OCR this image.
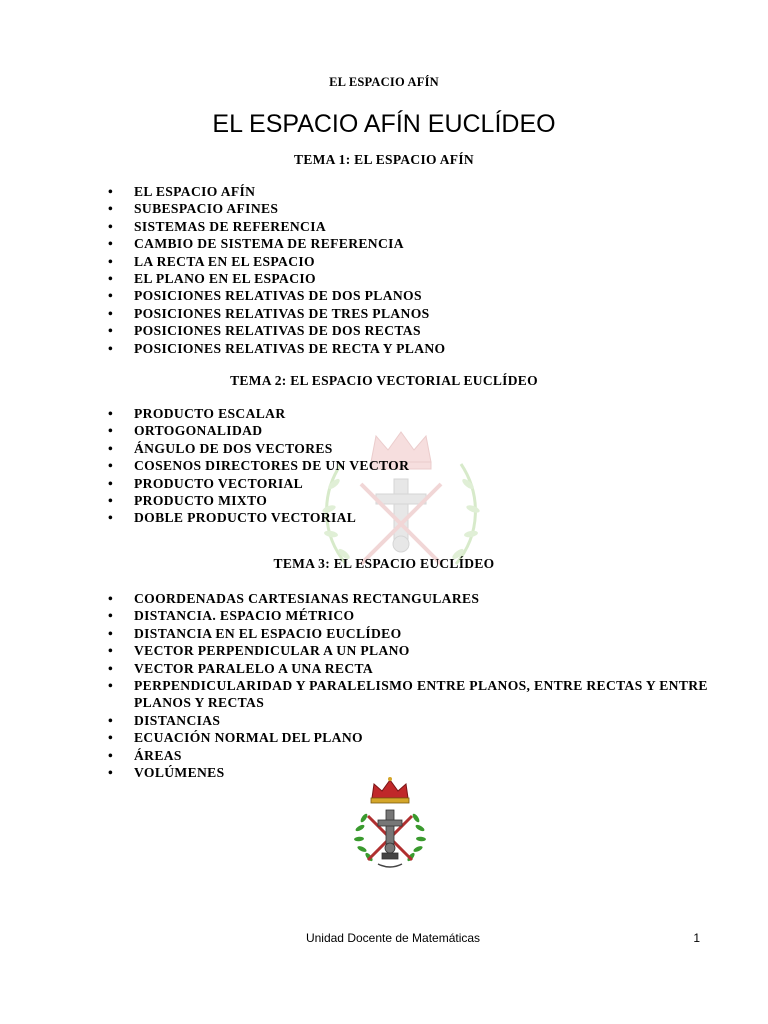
EL ESPACIO AFÍN
EL ESPACIO AFÍN EUCLÍDEO
TEMA 1: EL ESPACIO AFÍN
• EL ESPACIO AFÍN
• SUBESPACIO AFINES
• SISTEMAS DE REFERENCIA
• CAMBIO DE SISTEMA DE REFERENCIA
• LA RECTA EN EL ESPACIO
• EL PLANO EN EL ESPACIO
• POSICIONES RELATIVAS DE DOS PLANOS
• POSICIONES RELATIVAS DE TRES PLANOS
• POSICIONES RELATIVAS DE DOS RECTAS
• POSICIONES RELATIVAS DE RECTA Y PLANO
TEMA 2: EL ESPACIO VECTORIAL EUCLÍDEO
• PRODUCTO ESCALAR
• ORTOGONALIDAD
• ÁNGULO DE DOS VECTORES
• COSENOS DIRECTORES DE UN VECTOR
• PRODUCTO VECTORIAL
• PRODUCTO MIXTO
• DOBLE PRODUCTO VECTORIAL
TEMA 3: EL ESPACIO EUCLÍDEO
• COORDENADAS CARTESIANAS RECTANGULARES
• DISTANCIA. ESPACIO MÉTRICO
• DISTANCIA EN EL ESPACIO EUCLÍDEO
• VECTOR PERPENDICULAR A UN PLANO
• VECTOR PARALELO A UNA RECTA
• PERPENDICULARIDAD Y PARALELISMO ENTRE PLANOS, ENTRE RECTAS Y ENTRE PLANOS Y RECTAS
• DISTANCIAS
• ECUACIÓN NORMAL DEL PLANO
• ÁREAS
• VOLÚMENES
Unidad Docente de Matemáticas	1
